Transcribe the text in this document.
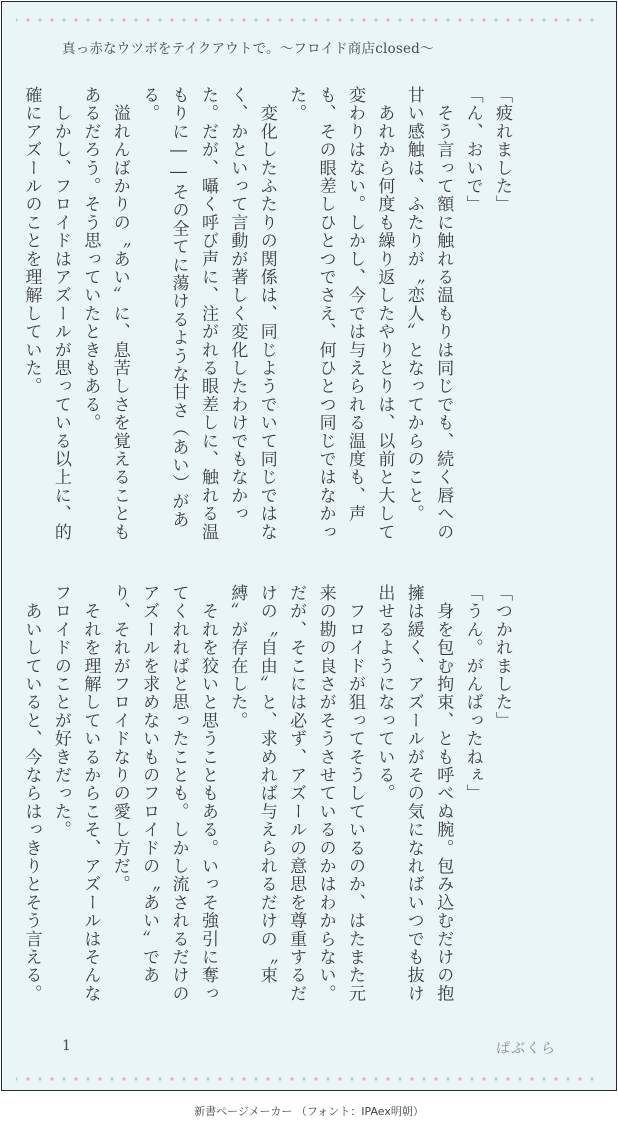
真っ赤なウツボをテイクアウトで。～フロイド商店closed～

「疲れました」

「ん、おいで」

　そう言って額に触れる温もりは同じでも、続く唇への甘い感触は、ふたりが〝恋人〟となってからのこと。

　あれから何度も繰り返したやりとりは、以前と大して変わりはない。しかし、今では与えられる温度も、声も、その眼差しひとつでさえ、何ひとつ同じではなかった。

　変化したふたりの関係は、同じようでいて同じではなく、かといって言動が著しく変化したわけでもなかった。だが、囁く呼び声に、注がれる眼差しに、触れる温もりに――その全てに蕩けるような甘さ（あい）がある。

　溢れんばかりの〝あい〟に、息苦しさを覚えることもあるだろう。そう思っていたときもある。

　しかし、フロイドはアズールが思っている以上に、的確にアズールのことを理解していた。

「つかれました」

「うん。がんばったねぇ」

　身を包む拘束、とも呼べぬ腕。包み込むだけの抱擁は緩く、アズールがその気になればいつでも抜け出せるようになっている。

　フロイドが狙ってそうしているのか、はたまた元来の勘の良さがそうさせているのかはわからない。だが、そこには必ず、アズールの意思を尊重するだけの〝自由〟と、求めれば与えられるだけの〝束縛〟が存在した。

　それを狡いと思うこともある。いっそ強引に奪ってくれればと思ったことも。しかし流されるだけのアズールを求めないものフロイドの〝あい〟であり、それがフロイドなりの愛し方だ。

　それを理解しているからこそ、アズールはそんなフロイドのことが好きだった。

　あいしていると、今ならはっきりとそう言える。

1	ぱぶくら
新書ページメーカー （フォント：IPAex明朝）
